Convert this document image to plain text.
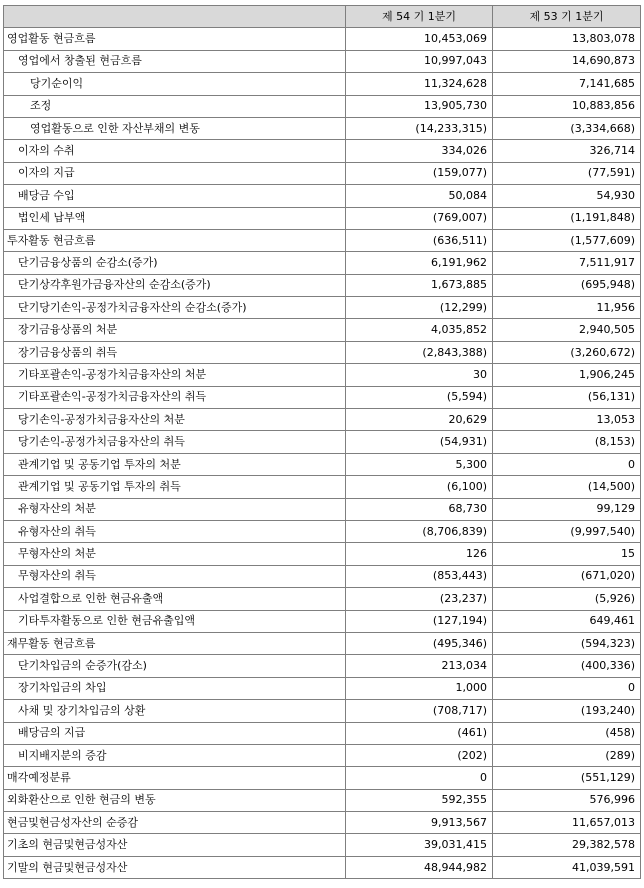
	제 54 기 1분기	제 53 기 1분기
영업활동 현금흐름	10,453,069	13,803,078
영업에서 창출된 현금흐름	10,997,043	14,690,873
당기순이익	11,324,628	7,141,685
조정	13,905,730	10,883,856
영업활동으로 인한 자산부채의 변동	(14,233,315)	(3,334,668)
이자의 수취	334,026	326,714
이자의 지급	(159,077)	(77,591)
배당금 수입	50,084	54,930
법인세 납부액	(769,007)	(1,191,848)
투자활동 현금흐름	(636,511)	(1,577,609)
단기금융상품의 순감소(증가)	6,191,962	7,511,917
단기상각후원가금융자산의 순감소(증가)	1,673,885	(695,948)
단기당기손익-공정가치금융자산의 순감소(증가)	(12,299)	11,956
장기금융상품의 처분	4,035,852	2,940,505
장기금융상품의 취득	(2,843,388)	(3,260,672)
기타포괄손익-공정가치금융자산의 처분	30	1,906,245
기타포괄손익-공정가치금융자산의 취득	(5,594)	(56,131)
당기손익-공정가치금융자산의 처분	20,629	13,053
당기손익-공정가치금융자산의 취득	(54,931)	(8,153)
관계기업 및 공동기업 투자의 처분	5,300	0
관계기업 및 공동기업 투자의 취득	(6,100)	(14,500)
유형자산의 처분	68,730	99,129
유형자산의 취득	(8,706,839)	(9,997,540)
무형자산의 처분	126	15
무형자산의 취득	(853,443)	(671,020)
사업결합으로 인한 현금유출액	(23,237)	(5,926)
기타투자활동으로 인한 현금유출입액	(127,194)	649,461
재무활동 현금흐름	(495,346)	(594,323)
단기차입금의 순증가(감소)	213,034	(400,336)
장기차입금의 차입	1,000	0
사채 및 장기차입금의 상환	(708,717)	(193,240)
배당금의 지급	(461)	(458)
비지배지분의 증감	(202)	(289)
매각예정분류	0	(551,129)
외화환산으로 인한 현금의 변동	592,355	576,996
현금및현금성자산의 순증감	9,913,567	11,657,013
기초의 현금및현금성자산	39,031,415	29,382,578
기말의 현금및현금성자산	48,944,982	41,039,591
